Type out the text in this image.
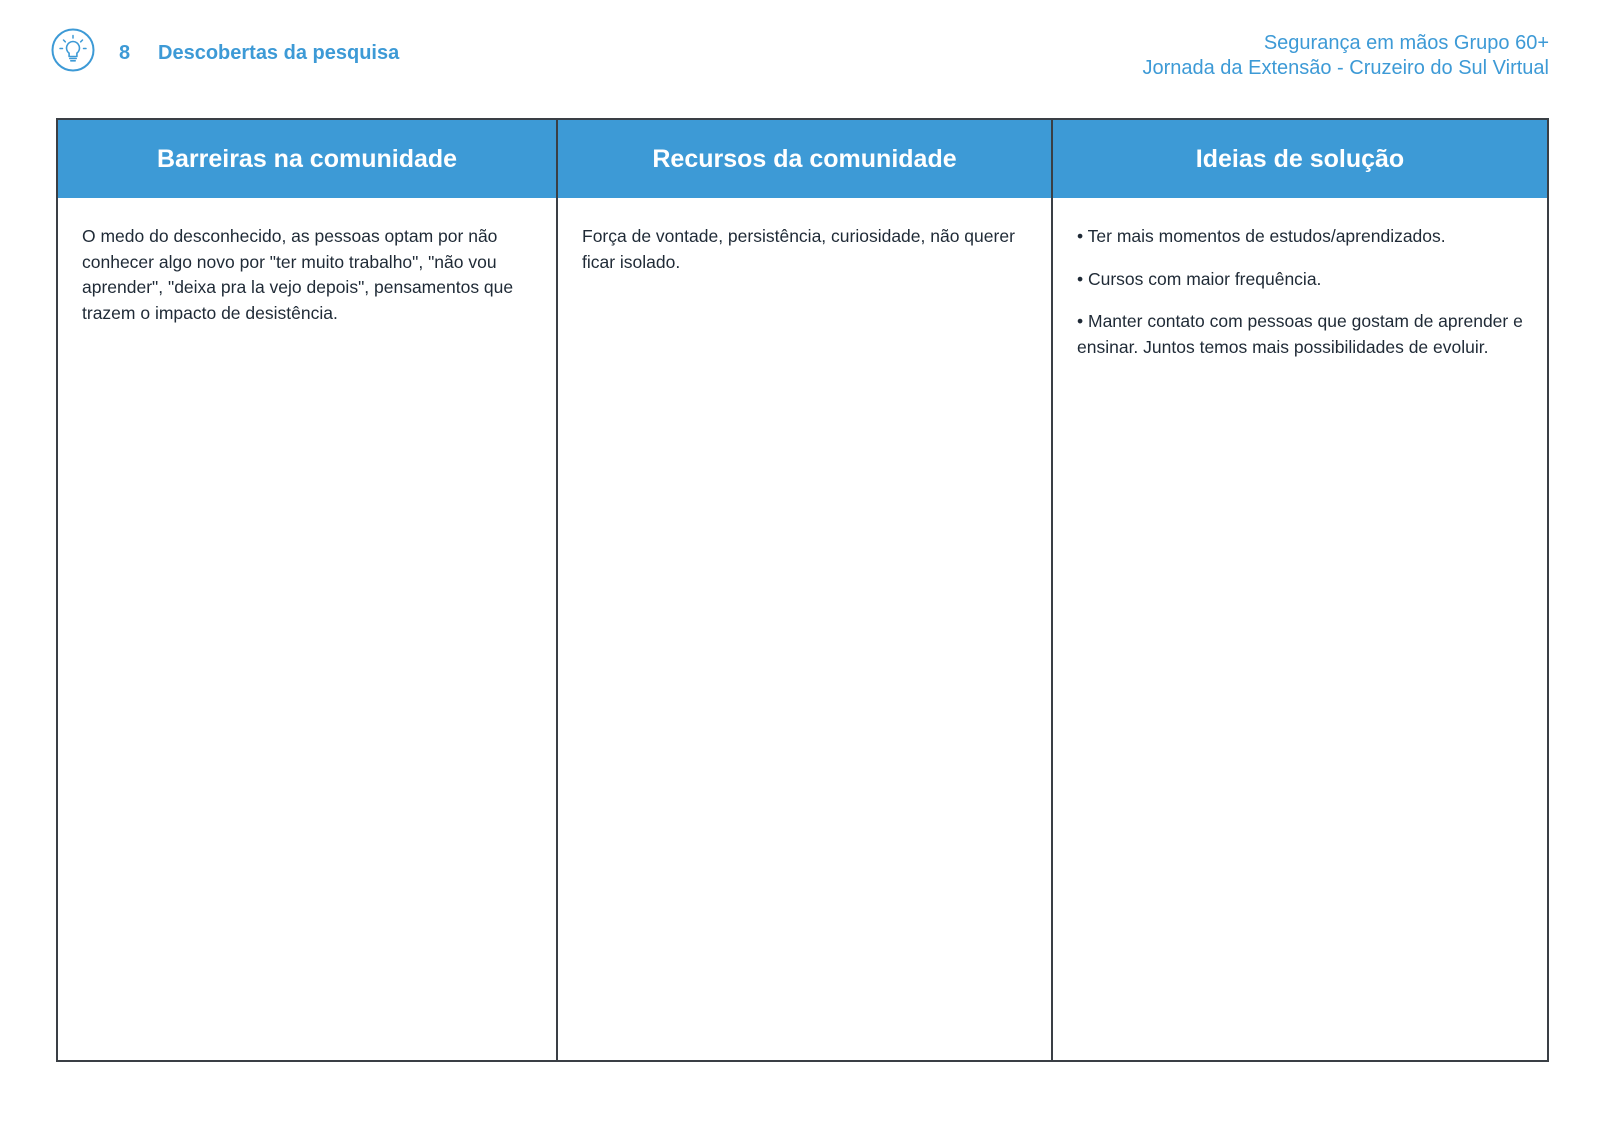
8 Descobertas da pesquisa	Segurança em mãos Grupo 60+
Jornada da Extensão - Cruzeiro do Sul Virtual
Barreiras na comunidade

O medo do desconhecido, as pessoas optam por não conhecer algo novo por "ter muito trabalho", "não vou aprender", "deixa pra la vejo depois", pensamentos que trazem o impacto de desistência.

Recursos da comunidade

Força de vontade, persistência, curiosidade, não querer ficar isolado.

Ideias de solução

• Ter mais momentos de estudos/aprendizados.

• Cursos com maior frequência.

• Manter contato com pessoas que gostam de aprender e ensinar. Juntos temos mais possibilidades de evoluir.
